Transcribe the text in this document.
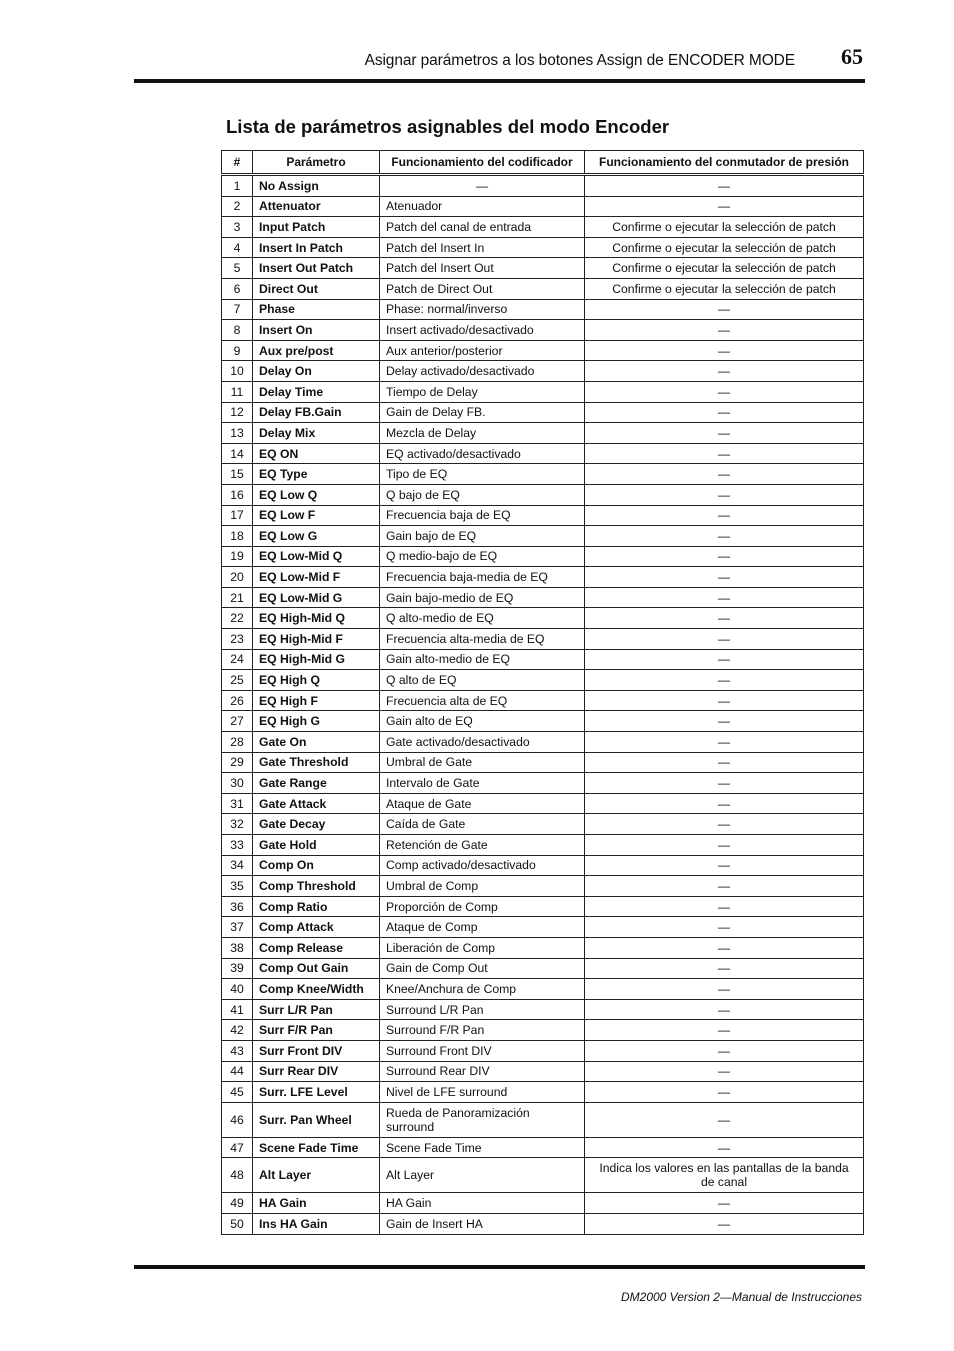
Asignar parámetros a los botones Assign de ENCODER MODE	65
Lista de parámetros asignables del modo Encoder
#	Parámetro	Funcionamiento del codificador	Funcionamiento del conmutador de presión
1	No Assign	—	—
2	Attenuator	Atenuador	—
3	Input Patch	Patch del canal de entrada	Confirme o ejecutar la selección de patch
4	Insert In Patch	Patch del Insert In	Confirme o ejecutar la selección de patch
5	Insert Out Patch	Patch del Insert Out	Confirme o ejecutar la selección de patch
6	Direct Out	Patch de Direct Out	Confirme o ejecutar la selección de patch
7	Phase	Phase: normal/inverso	—
8	Insert On	Insert activado/desactivado	—
9	Aux pre/post	Aux anterior/posterior	—
10	Delay On	Delay activado/desactivado	—
11	Delay Time	Tiempo de Delay	—
12	Delay FB.Gain	Gain de Delay FB.	—
13	Delay Mix	Mezcla de Delay	—
14	EQ ON	EQ activado/desactivado	—
15	EQ Type	Tipo de EQ	—
16	EQ Low Q	Q bajo de EQ	—
17	EQ Low F	Frecuencia baja de EQ	—
18	EQ Low G	Gain bajo de EQ	—
19	EQ Low-Mid Q	Q medio-bajo de EQ	—
20	EQ Low-Mid F	Frecuencia baja-media de EQ	—
21	EQ Low-Mid G	Gain bajo-medio de EQ	—
22	EQ High-Mid Q	Q alto-medio de EQ	—
23	EQ High-Mid F	Frecuencia alta-media de EQ	—
24	EQ High-Mid G	Gain alto-medio de EQ	—
25	EQ High Q	Q alto de EQ	—
26	EQ High F	Frecuencia alta de EQ	—
27	EQ High G	Gain alto de EQ	—
28	Gate On	Gate activado/desactivado	—
29	Gate Threshold	Umbral de Gate	—
30	Gate Range	Intervalo de Gate	—
31	Gate Attack	Ataque de Gate	—
32	Gate Decay	Caída de Gate	—
33	Gate Hold	Retención de Gate	—
34	Comp On	Comp activado/desactivado	—
35	Comp Threshold	Umbral de Comp	—
36	Comp Ratio	Proporción de Comp	—
37	Comp Attack	Ataque de Comp	—
38	Comp Release	Liberación de Comp	—
39	Comp Out Gain	Gain de Comp Out	—
40	Comp Knee/Width	Knee/Anchura de Comp	—
41	Surr L/R Pan	Surround L/R Pan	—
42	Surr F/R Pan	Surround F/R Pan	—
43	Surr Front DIV	Surround Front DIV	—
44	Surr Rear DIV	Surround Rear DIV	—
45	Surr. LFE Level	Nivel de LFE surround	—
46	Surr. Pan Wheel	Rueda de Panoramización surround	—
47	Scene Fade Time	Scene Fade Time	—
48	Alt Layer	Alt Layer	Indica los valores en las pantallas de la banda de canal
49	HA Gain	HA Gain	—
50	Ins HA Gain	Gain de Insert HA	—
DM2000 Version 2—Manual de Instrucciones
